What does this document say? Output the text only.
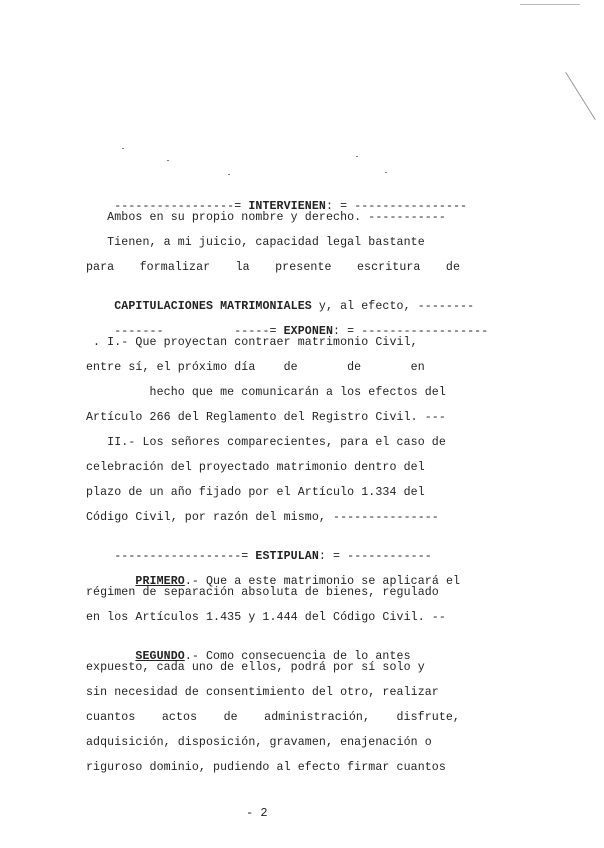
-----------------= INTERVIENEN: = ----------------

Ambos en su propio nombre y derecho. -----------
Tienen, a mi juicio, capacidad legal bastante
para formalizar la presente escritura de

CAPITULACIONES MATRIMONIALES y, al efecto, --------

-------          -----= EXPONEN: = ------------------

. I.- Que proyectan contraer matrimonio Civil,
entre sí, el próximo día    de       de       en
hecho que me comunicarán a los efectos del
Artículo 266 del Reglamento del Registro Civil. ---
II.- Los señores comparecientes, para el caso de
celebración del proyectado matrimonio dentro del
plazo de un año fijado por el Artículo 1.334 del
Código Civil, por razón del mismo, ---------------

------------------= ESTIPULAN: = ------------

PRIMERO.- Que a este matrimonio se aplicará el

régimen de separación absoluta de bienes, regulado
en los Artículos 1.435 y 1.444 del Código Civil. --

SEGUNDO.- Como consecuencia de lo antes

expuesto, cada uno de ellos, podrá por sí solo y
sin necesidad de consentimiento del otro, realizar
cuantos actos de administración, disfrute,
adquisición, disposición, gravamen, enajenación o
riguroso dominio, pudiendo al efecto firmar cuantos
- 2
